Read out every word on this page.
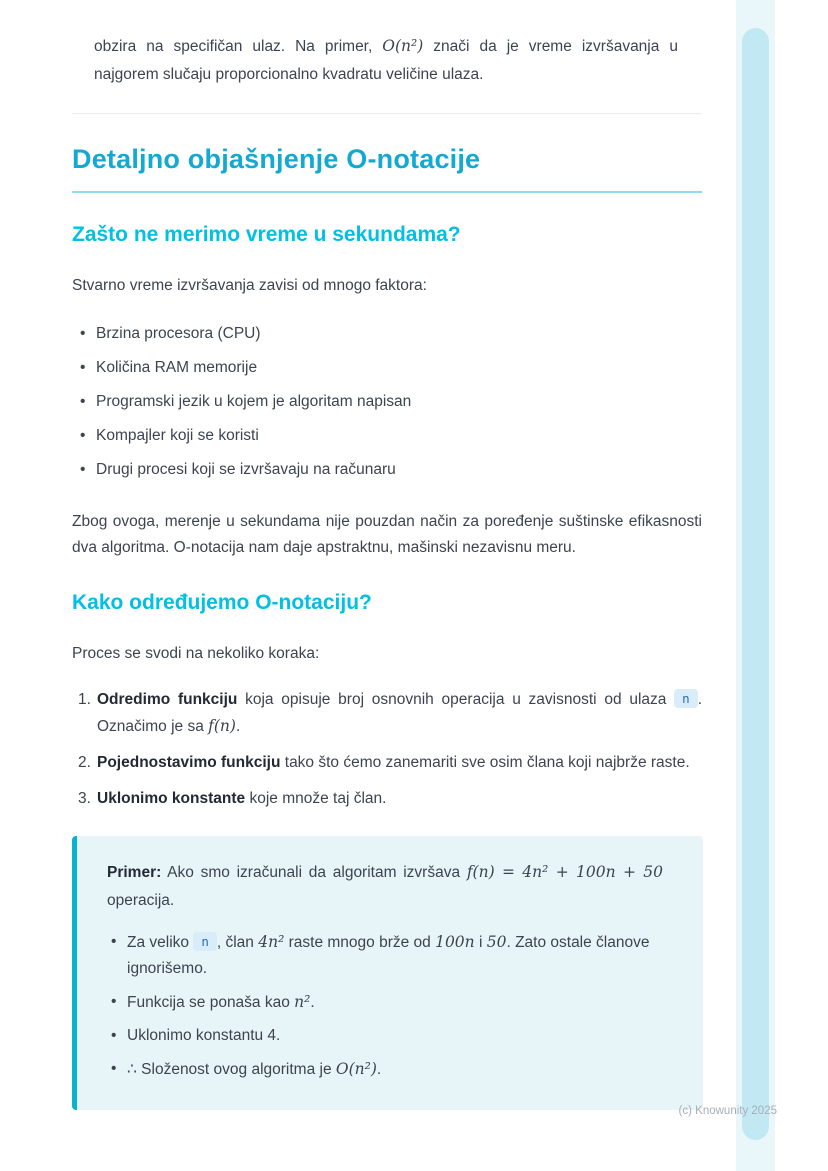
obzira na specifičan ulaz. Na primer, O(n²) znači da je vreme izvršavanja u najgorem slučaju proporcionalno kvadratu veličine ulaza.

Detaljno objašnjenje O-notacije
Zašto ne merimo vreme u sekundama?

Stvarno vreme izvršavanja zavisi od mnogo faktora:

• Brzina procesora (CPU)
• Količina RAM memorije
• Programski jezik u kojem je algoritam napisan
• Kompajler koji se koristi
• Drugi procesi koji se izvršavaju na računaru

Zbog ovoga, merenje u sekundama nije pouzdan način za poređenje suštinske efikasnosti dva algoritma. O-notacija nam daje apstraktnu, mašinski nezavisnu meru.

Kako određujemo O-notaciju?

Proces se svodi na nekoliko koraka:

1. Odredimo funkciju koja opisuje broj osnovnih operacija u zavisnosti od ulaza n . Označimo je sa f(n).
2. Pojednostavimo funkciju tako što ćemo zanemariti sve osim člana koji najbrže raste.
3. Uklonimo konstante koje množe taj član.

Primer: Ako smo izračunali da algoritam izvršava f(n) = 4n² + 100n + 50 operacija.

• Za veliko n , član 4n² raste mnogo brže od 100n i 50. Zato ostale članove ignorišemo.
• Funkcija se ponaša kao n².
• Uklonimo konstantu 4.
• ∴ Složenost ovog algoritma je O(n²).
(c) Knowunity 2025
